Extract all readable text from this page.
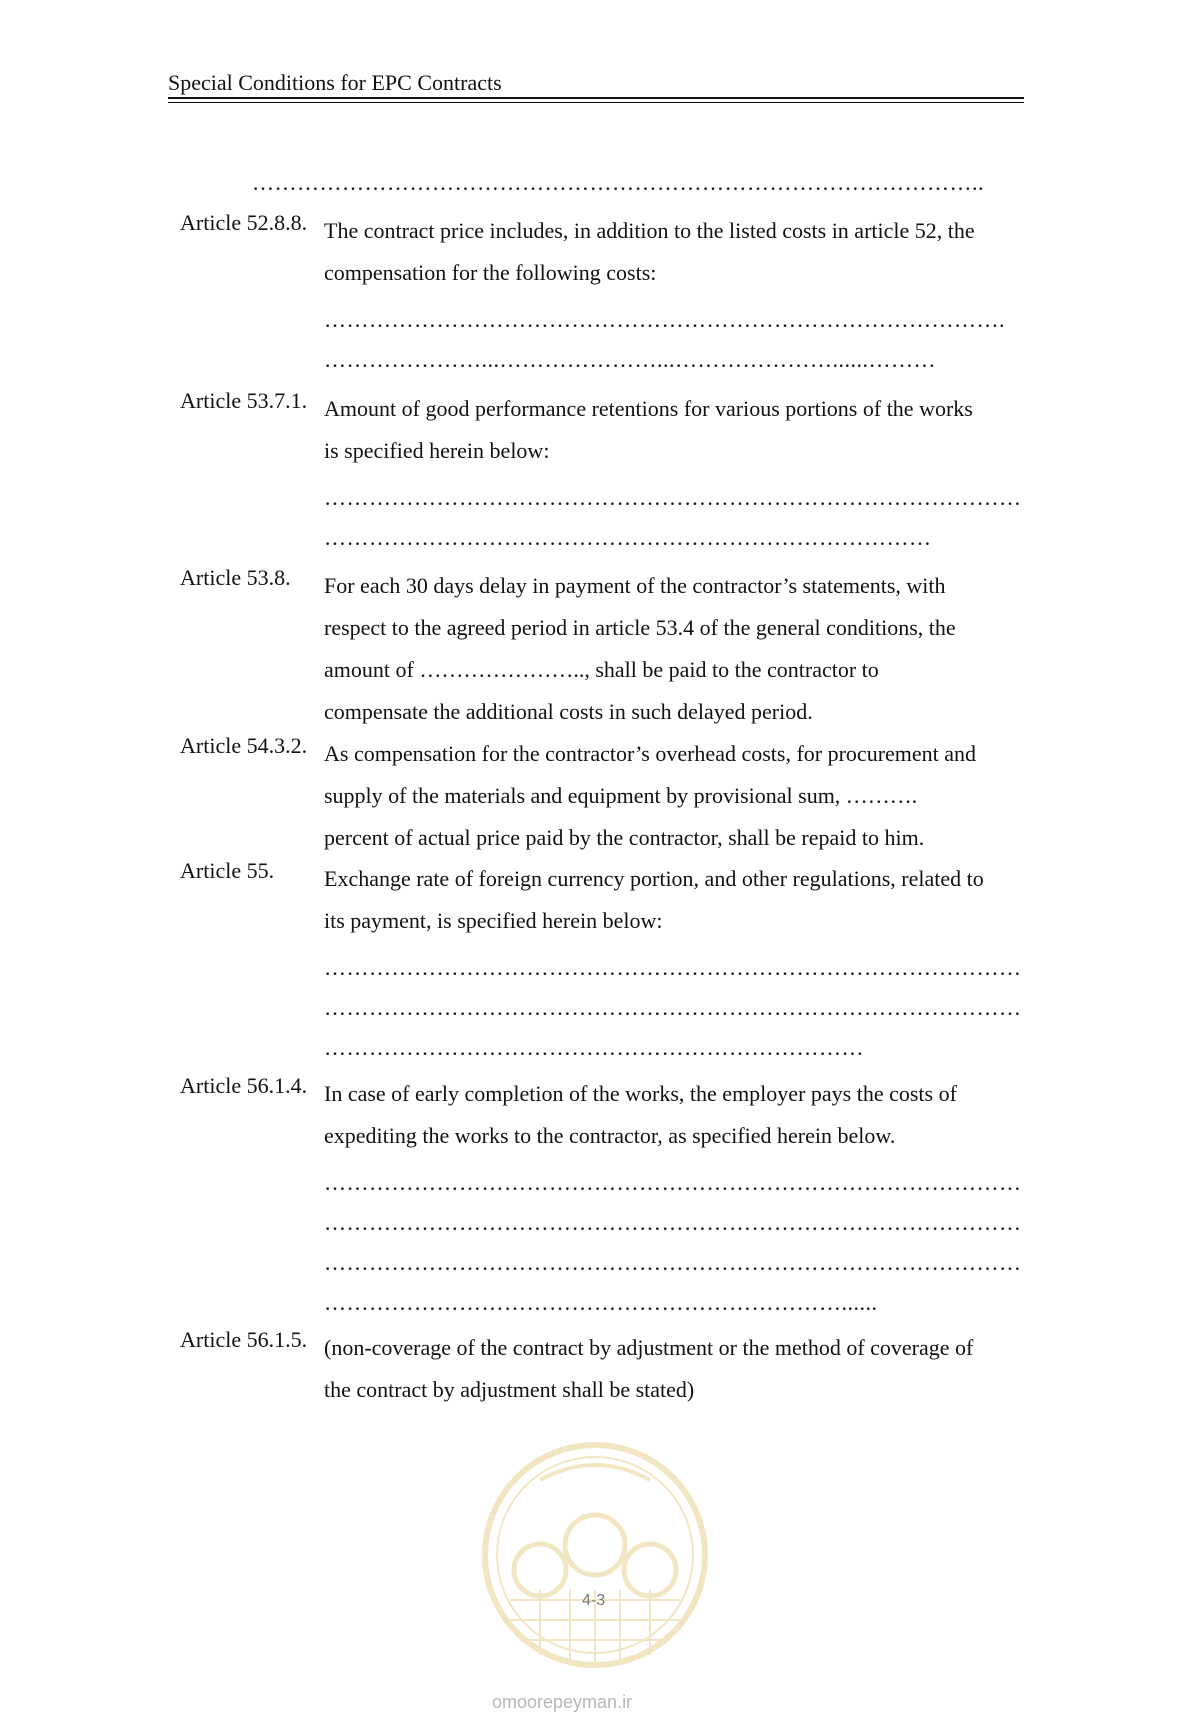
Special Conditions for EPC Contracts
……………………………………………………………………………………..
Article 52.8.8. The contract price includes, in addition to the listed costs in article 52, the

compensation for the following costs:

……………………………………………………………………………….

…………………...…………………...…………………......………

Article 53.7.1. Amount of good performance retentions for various portions of the works

is specified herein below:

…………………………………………………………………………………

………………………………………………………………………

Article 53.8. For each 30 days delay in payment of the contractor’s statements, with

respect to the agreed period in article 53.4 of the general conditions, the

amount of ………………….., shall be paid to the contractor to

compensate the additional costs in such delayed period.

Article 54.3.2. As compensation for the contractor’s overhead costs, for procurement and

supply of the materials and equipment by provisional sum, ……….

percent of actual price paid by the contractor, shall be repaid to him.

Article 55. Exchange rate of foreign currency portion, and other regulations, related to

its payment, is specified herein below:

…………………………………………………………………………………

…………………………………………………………………………………

………………………………………………………………

Article 56.1.4. In case of early completion of the works, the employer pays the costs of

expediting the works to the contractor, as specified herein below.

…………………………………………………………………………………

…………………………………………………………………………………

…………………………………………………………………………………

……………………………………………………………......

Article 56.1.5. (non-coverage of the contract by adjustment or the method of coverage of

the contract by adjustment shall be stated)

4-3
omoorepeyman.ir
